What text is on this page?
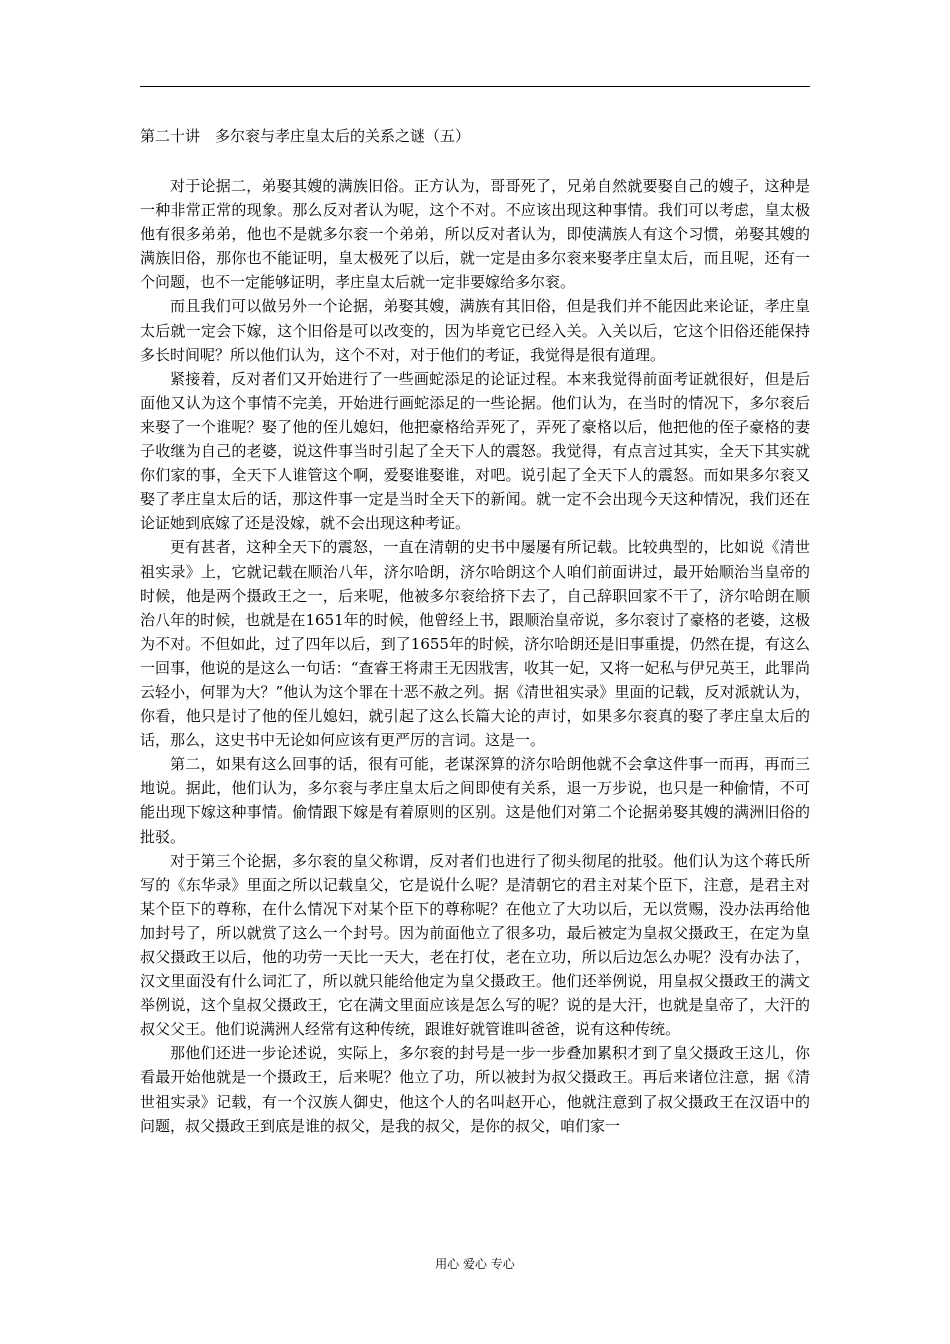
第二十讲　多尔衮与孝庄皇太后的关系之谜（五）

对于论据二，弟娶其嫂的满族旧俗。正方认为，哥哥死了，兄弟自然就要娶自己的嫂子，这种是一种非常正常的现象。那么反对者认为呢，这个不对。不应该出现这种事情。我们可以考虑，皇太极他有很多弟弟，他也不是就多尔衮一个弟弟，所以反对者认为，即使满族人有这个习惯，弟娶其嫂的满族旧俗，那你也不能证明，皇太极死了以后，就一定是由多尔衮来娶孝庄皇太后，而且呢，还有一个问题，也不一定能够证明，孝庄皇太后就一定非要嫁给多尔衮。

而且我们可以做另外一个论据，弟娶其嫂，满族有其旧俗，但是我们并不能因此来论证，孝庄皇太后就一定会下嫁，这个旧俗是可以改变的，因为毕竟它已经入关。入关以后，它这个旧俗还能保持多长时间呢？所以他们认为，这个不对，对于他们的考证，我觉得是很有道理。

紧接着，反对者们又开始进行了一些画蛇添足的论证过程。本来我觉得前面考证就很好，但是后面他又认为这个事情不完美，开始进行画蛇添足的一些论据。他们认为，在当时的情况下，多尔衮后来娶了一个谁呢？娶了他的侄儿媳妇，他把豪格给弄死了，弄死了豪格以后，他把他的侄子豪格的妻子收继为自己的老婆，说这件事当时引起了全天下人的震怒。我觉得，有点言过其实，全天下其实就你们家的事，全天下人谁管这个啊，爱娶谁娶谁，对吧。说引起了全天下人的震怒。而如果多尔衮又娶了孝庄皇太后的话，那这件事一定是当时全天下的新闻。就一定不会出现今天这种情况，我们还在论证她到底嫁了还是没嫁，就不会出现这种考证。

更有甚者，这种全天下的震怒，一直在清朝的史书中屡屡有所记载。比较典型的，比如说《清世祖实录》上，它就记载在顺治八年，济尔哈朗，济尔哈朗这个人咱们前面讲过，最开始顺治当皇帝的时候，他是两个摄政王之一，后来呢，他被多尔衮给挤下去了，自己辞职回家不干了，济尔哈朗在顺治八年的时候，也就是在1651年的时候，他曾经上书，跟顺治皇帝说，多尔衮讨了豪格的老婆，这极为不对。不但如此，过了四年以后，到了1655年的时候，济尔哈朗还是旧事重提，仍然在提，有这么一回事，他说的是这么一句话：“查睿王将肃王无因戕害，收其一妃，又将一妃私与伊兄英王，此罪尚云轻小，何罪为大？”他认为这个罪在十恶不赦之列。据《清世祖实录》里面的记载，反对派就认为，你看，他只是讨了他的侄儿媳妇，就引起了这么长篇大论的声讨，如果多尔衮真的娶了孝庄皇太后的话，那么，这史书中无论如何应该有更严厉的言词。这是一。

第二，如果有这么回事的话，很有可能，老谋深算的济尔哈朗他就不会拿这件事一而再，再而三地说。据此，他们认为，多尔衮与孝庄皇太后之间即使有关系，退一万步说，也只是一种偷情，不可能出现下嫁这种事情。偷情跟下嫁是有着原则的区别。这是他们对第二个论据弟娶其嫂的满洲旧俗的批驳。

对于第三个论据，多尔衮的皇父称谓，反对者们也进行了彻头彻尾的批驳。他们认为这个蒋氏所写的《东华录》里面之所以记载皇父，它是说什么呢？是清朝它的君主对某个臣下，注意，是君主对某个臣下的尊称，在什么情况下对某个臣下的尊称呢？在他立了大功以后，无以赏赐，没办法再给他加封号了，所以就赏了这么一个封号。因为前面他立了很多功，最后被定为皇叔父摄政王，在定为皇叔父摄政王以后，他的功劳一天比一天大，老在打仗，老在立功，所以后边怎么办呢？没有办法了，汉文里面没有什么词汇了，所以就只能给他定为皇父摄政王。他们还举例说，用皇叔父摄政王的满文举例说，这个皇叔父摄政王，它在满文里面应该是怎么写的呢？说的是大汗，也就是皇帝了，大汗的叔父父王。他们说满洲人经常有这种传统，跟谁好就管谁叫爸爸，说有这种传统。

那他们还进一步论述说，实际上，多尔衮的封号是一步一步叠加累积才到了皇父摄政王这儿，你看最开始他就是一个摄政王，后来呢？他立了功，所以被封为叔父摄政王。再后来诸位注意，据《清世祖实录》记载，有一个汉族人御史，他这个人的名叫赵开心，他就注意到了叔父摄政王在汉语中的问题，叔父摄政王到底是谁的叔父，是我的叔父，是你的叔父，咱们家一

用心 爱心 专心
